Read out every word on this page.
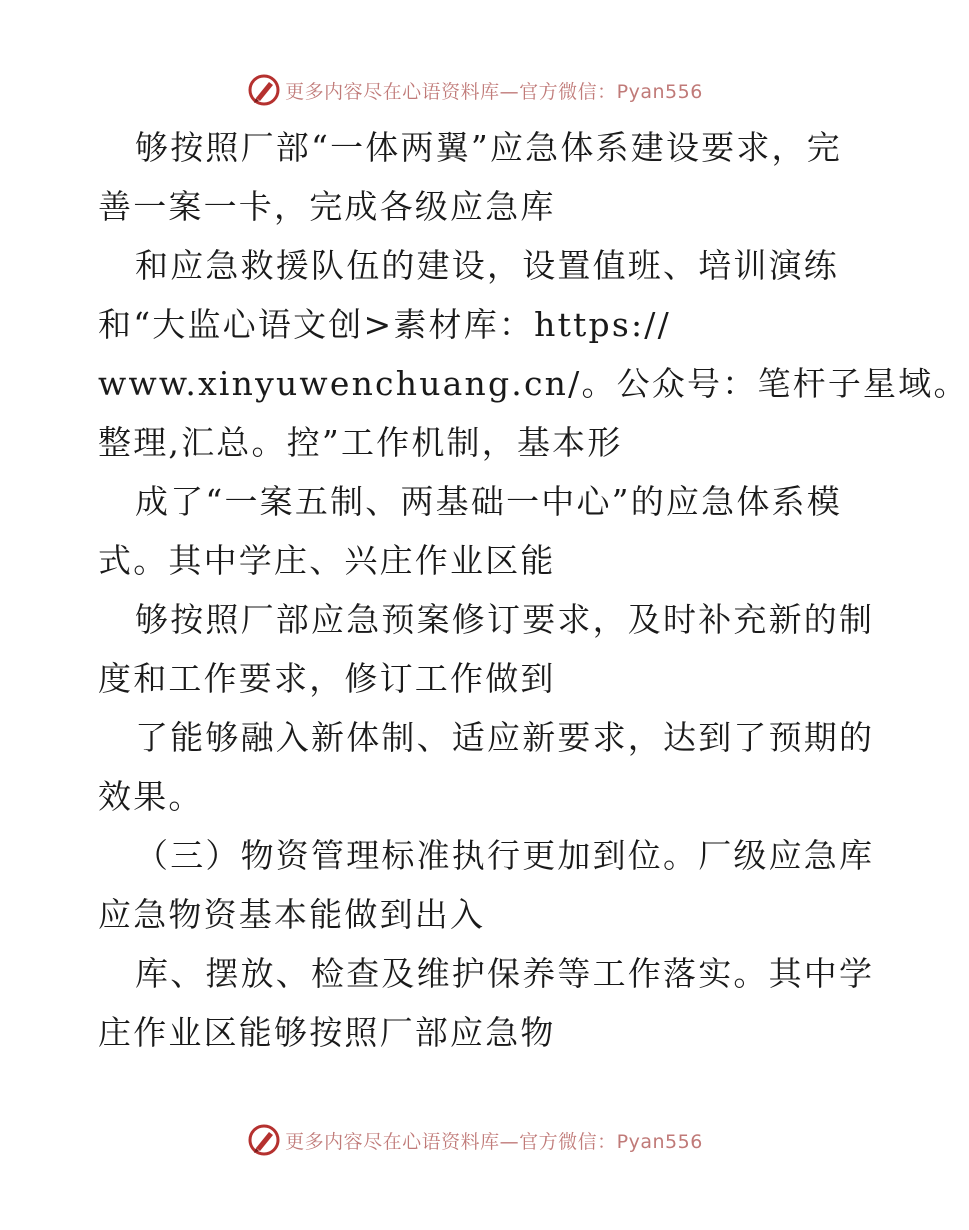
更多内容尽在心语资料库—官方微信：Pyan556
够按照厂部“一体两翼”应急体系建设要求，完
善一案一卡，完成各级应急库
和应急救援队伍的建设，设置值班、培训演练
和“大监心语文创>素材库：https://
www.xinyuwenchuang.cn/。公众号：笔杆子星域。
整理,汇总。控”工作机制，基本形
成了“一案五制、两基础一中心”的应急体系模
式。其中学庄、兴庄作业区能
够按照厂部应急预案修订要求，及时补充新的制
度和工作要求，修订工作做到
了能够融入新体制、适应新要求，达到了预期的
效果。
（三）物资管理标准执行更加到位。厂级应急库
应急物资基本能做到出入
库、摆放、检查及维护保养等工作落实。其中学
庄作业区能够按照厂部应急物
更多内容尽在心语资料库—官方微信：Pyan556
